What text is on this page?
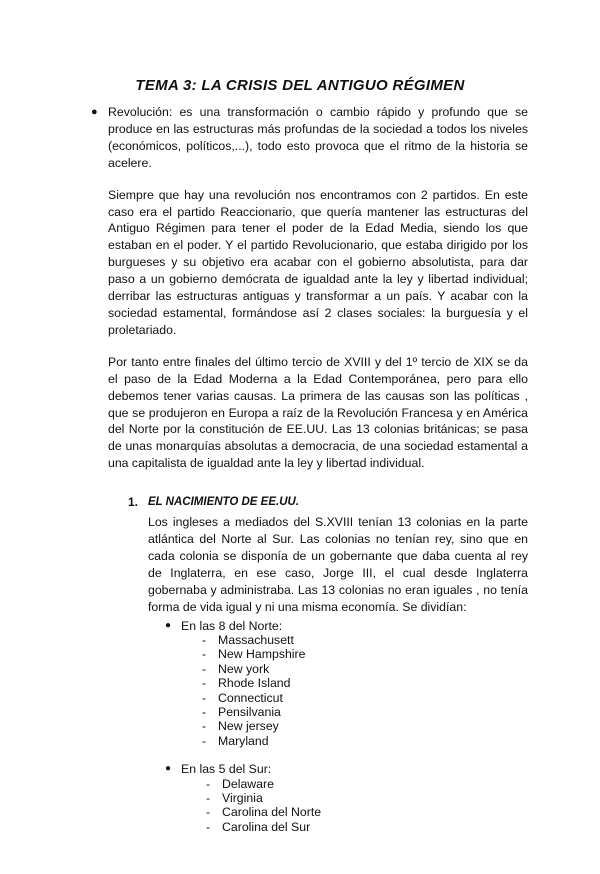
TEMA 3: LA CRISIS DEL ANTIGUO RÉGIMEN
● Revolución: es una transformación o cambio rápido y profundo que se produce en las estructuras más profundas de la sociedad a todos los niveles (económicos, políticos,...), todo esto provoca que el ritmo de la historia se acelere.

Siempre que hay una revolución nos encontramos con 2 partidos. En este caso era el partido Reaccionario, que quería mantener las estructuras del Antiguo Régimen para tener el poder de la Edad Media, siendo los que estaban en el poder. Y el partido Revolucionario, que estaba dirigido por los burgueses y su objetivo era acabar con el gobierno absolutista, para dar paso a un gobierno demócrata de igualdad ante la ley y libertad individual; derribar las estructuras antiguas y transformar a un país. Y acabar con la sociedad estamental, formándose así 2 clases sociales: la burguesía y el proletariado.

Por tanto entre finales del último tercio de XVIII y del 1º tercio de XIX se da el paso de la Edad Moderna a la Edad Contemporánea, pero para ello debemos tener varias causas. La primera de las causas son las políticas , que se produjeron en Europa a raíz de la Revolución Francesa y en América del Norte por la constitución de EE.UU. Las 13 colonias británicas; se pasa de unas monarquías absolutas a democracia, de una sociedad estamental a una capitalista de igualdad ante la ley y libertad individual.

1. EL NACIMIENTO DE EE.UU.

Los ingleses a mediados del S.XVIII tenían 13 colonias en la parte atlántica del Norte al Sur. Las colonias no tenían rey, sino que en cada colonia se disponía de un gobernante que daba cuenta al rey de Inglaterra, en ese caso, Jorge III, el cual desde Inglaterra gobernaba y administraba. Las 13 colonias no eran iguales , no tenía forma de vida igual y ni una misma economía. Se dividían:

● En las 8 del Norte:
- Massachusett
- New Hampshire
- New york
- Rhode Island
- Connecticut
- Pensilvania
- New jersey
- Maryland
● En las 5 del Sur:
- Delaware
- Virginia
- Carolina del Norte
- Carolina del Sur
